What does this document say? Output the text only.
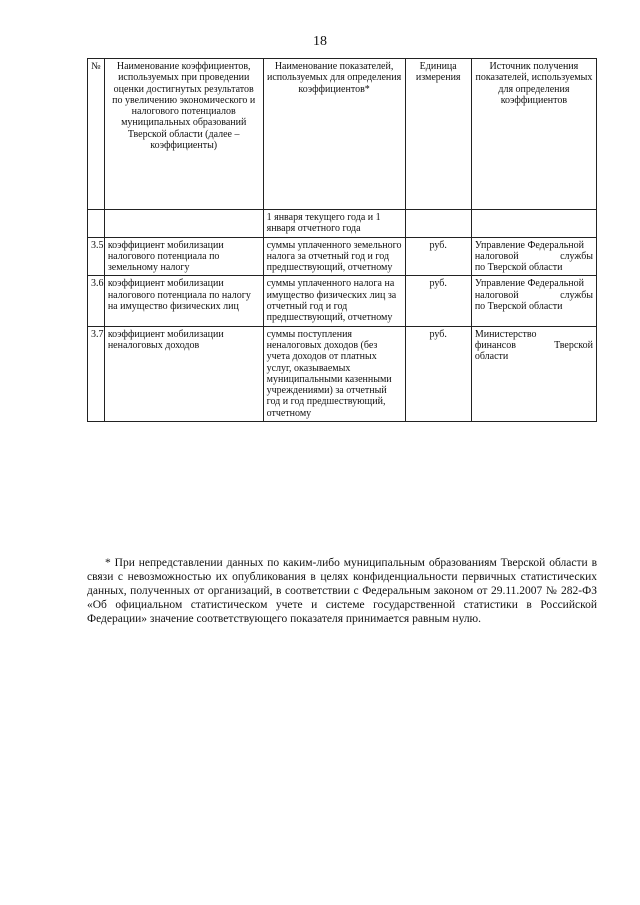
18
№	Наименование коэффициентов, используемых при проведении оценки достигнутых результатов по увеличению экономического и налогового потенциалов муниципальных образований Тверской области (далее – коэффициенты)	Наименование показателей, используемых для определения коэффициентов*	Единица измерения	Источник получения показателей, используемых для определения коэффициентов
		1 января текущего года и 1 января отчетного года		
3.5	коэффициент мобилизации налогового потенциала по земельному налогу	суммы уплаченного земельного налога за отчетный год и год предшествующий, отчетному	руб.	Управление Федеральной
налоговой службы
по Тверской области

3.6	коэффициент мобилизации налогового потенциала по налогу на имущество физических лиц	суммы уплаченного налога на имущество физических лиц за отчетный год и год предшествующий, отчетному	руб.	Управление Федеральной
налоговой службы
по Тверской области

3.7	коэффициент мобилизации неналоговых доходов	суммы поступления неналоговых доходов (без учета доходов от платных услуг, оказываемых муниципальными казенными учреждениями) за отчетный год и год предшествующий, отчетному	руб.	Министерство
финансов Тверской
области
* При непредставлении данных по каким-либо муниципальным образованиям Тверской области в связи с невозможностью их опубликования в целях конфиденциальности первичных статистических данных, полученных от организаций, в соответствии с Федеральным законом от 29.11.2007 № 282-ФЗ «Об официальном статистическом учете и системе государственной статистики в Российской Федерации» значение соответствующего показателя принимается равным нулю.
